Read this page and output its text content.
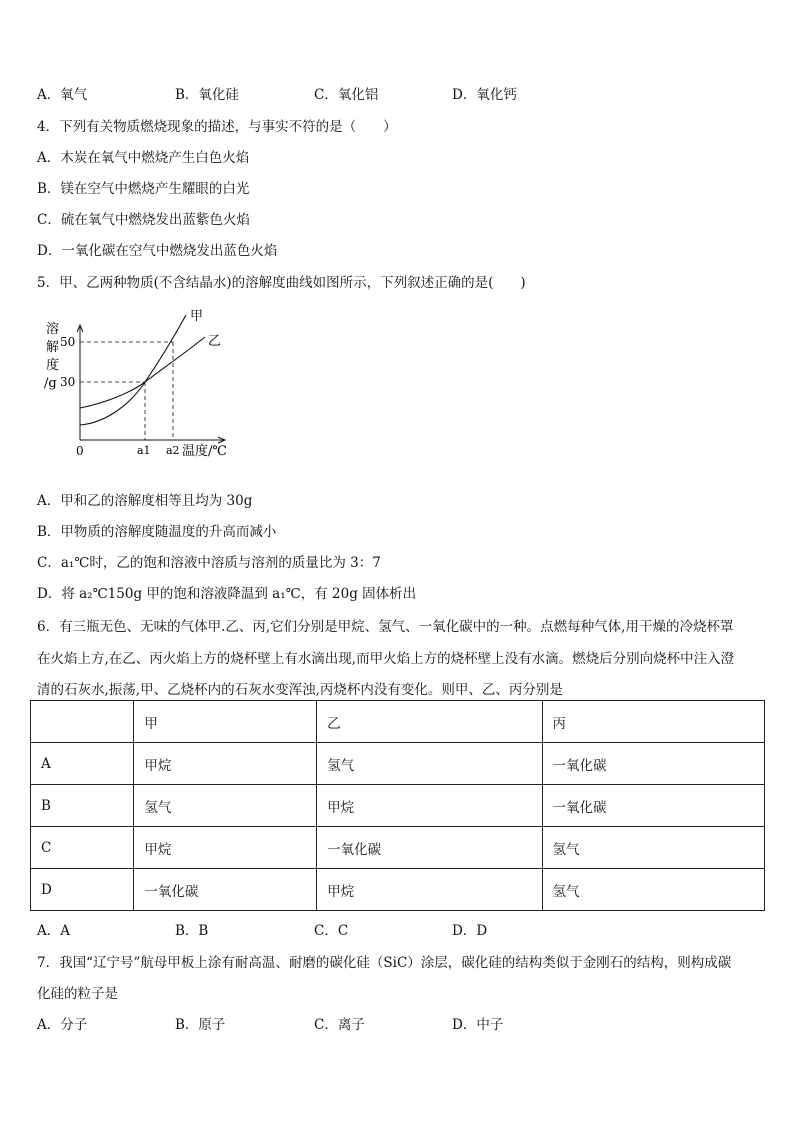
A．氧气	B．氧化硅	C．氧化铝	D．氧化钙
4．下列有关物质燃烧现象的描述，与事实不符的是（　　）
A．木炭在氧气中燃烧产生白色火焰
B．镁在空气中燃烧产生耀眼的白光
C．硫在氧气中燃烧发出蓝紫色火焰
D．一氧化碳在空气中燃烧发出蓝色火焰
5．甲、乙两种物质(不含结晶水)的溶解度曲线如图所示，下列叙述正确的是(　　)
溶
解
度
/g
50
30
0	a1 a2 温度/℃
甲
乙
A．甲和乙的溶解度相等且均为 30g
B．甲物质的溶解度随温度的升高而减小
C．a₁℃时，乙的饱和溶液中溶质与溶剂的质量比为 3：7
D．将 a₂℃150g 甲的饱和溶液降温到 a₁℃，有 20g 固体析出
6．有三瓶无色、无味的气体甲.乙、丙,它们分别是甲烷、氢气、一氧化碳中的一种。点燃每种气体,用干燥的冷烧杯罩
在火焰上方,在乙、丙火焰上方的烧杯壁上有水滴出现,而甲火焰上方的烧杯壁上没有水滴。燃烧后分别向烧杯中注入澄
清的石灰水,振荡,甲、乙烧杯内的石灰水变浑浊,丙烧杯内没有变化。则甲、乙、丙分别是
	甲	乙	丙
A	甲烷	氢气	一氧化碳
B	氢气	甲烷	一氧化碳
C	甲烷	一氧化碳	氢气
D	一氧化碳	甲烷	氢气
A．A	B．B	C．C	D．D
7．我国“辽宁号”航母甲板上涂有耐高温、耐磨的碳化硅（SiC）涂层，碳化硅的结构类似于金刚石的结构，则构成碳
化硅的粒子是
A．分子	B．原子	C．离子	D．中子
